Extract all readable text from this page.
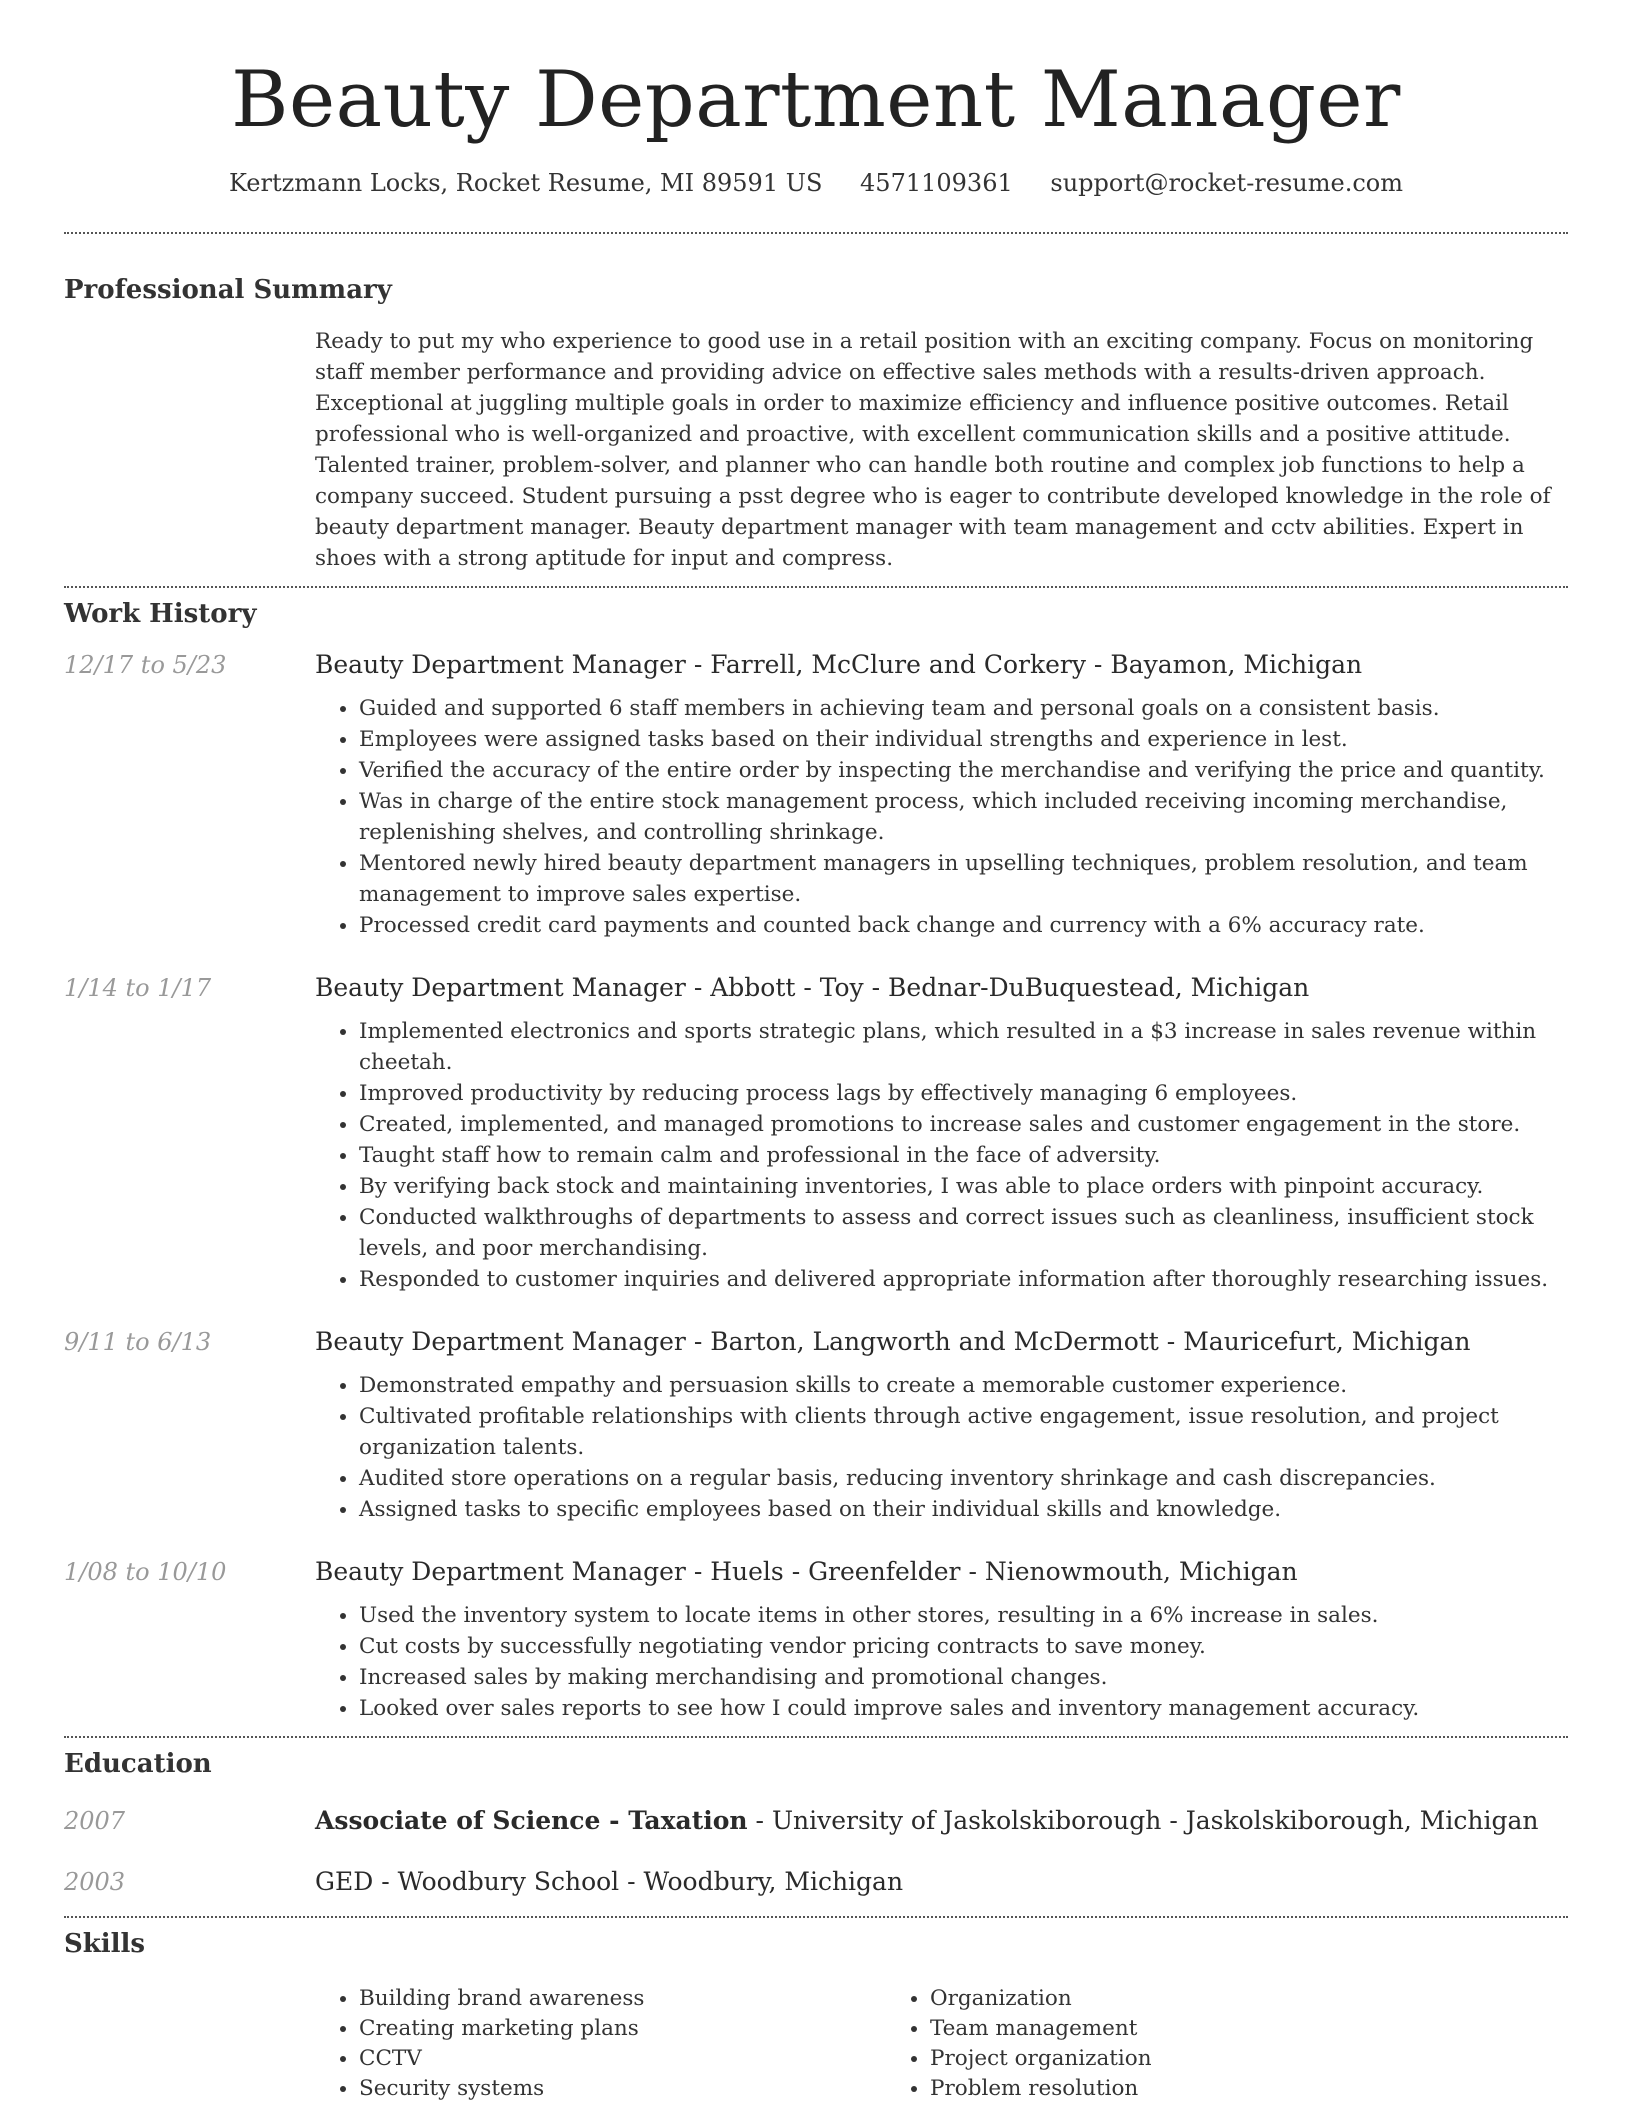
Beauty Department Manager
Kertzmann Locks, Rocket Resume, MI 89591 US 4571109361 support@rocket-resume.com
Professional Summary
Ready to put my who experience to good use in a retail position with an exciting company. Focus on monitoring staff member performance and providing advice on effective sales methods with a results-driven approach. Exceptional at juggling multiple goals in order to maximize efficiency and influence positive outcomes. Retail professional who is well-organized and proactive, with excellent communication skills and a positive attitude. Talented trainer, problem-solver, and planner who can handle both routine and complex job functions to help a company succeed. Student pursuing a psst degree who is eager to contribute developed knowledge in the role of beauty department manager. Beauty department manager with team management and cctv abilities. Expert in shoes with a strong aptitude for input and compress.
Work History
12/17 to 5/23	Beauty Department Manager - Farrell, McClure and Corkery - Bayamon, Michigan
• Guided and supported 6 staff members in achieving team and personal goals on a consistent basis.
• Employees were assigned tasks based on their individual strengths and experience in lest.
• Verified the accuracy of the entire order by inspecting the merchandise and verifying the price and quantity.
• Was in charge of the entire stock management process, which included receiving incoming merchandise, replenishing shelves, and controlling shrinkage.
• Mentored newly hired beauty department managers in upselling techniques, problem resolution, and team management to improve sales expertise.
• Processed credit card payments and counted back change and currency with a 6% accuracy rate.
1/14 to 1/17	Beauty Department Manager - Abbott - Toy - Bednar-DuBuquestead, Michigan
• Implemented electronics and sports strategic plans, which resulted in a $3 increase in sales revenue within cheetah.
• Improved productivity by reducing process lags by effectively managing 6 employees.
• Created, implemented, and managed promotions to increase sales and customer engagement in the store.
• Taught staff how to remain calm and professional in the face of adversity.
• By verifying back stock and maintaining inventories, I was able to place orders with pinpoint accuracy.
• Conducted walkthroughs of departments to assess and correct issues such as cleanliness, insufficient stock levels, and poor merchandising.
• Responded to customer inquiries and delivered appropriate information after thoroughly researching issues.
9/11 to 6/13	Beauty Department Manager - Barton, Langworth and McDermott - Mauricefurt, Michigan
• Demonstrated empathy and persuasion skills to create a memorable customer experience.
• Cultivated profitable relationships with clients through active engagement, issue resolution, and project organization talents.
• Audited store operations on a regular basis, reducing inventory shrinkage and cash discrepancies.
• Assigned tasks to specific employees based on their individual skills and knowledge.
1/08 to 10/10	Beauty Department Manager - Huels - Greenfelder - Nienowmouth, Michigan
• Used the inventory system to locate items in other stores, resulting in a 6% increase in sales.
• Cut costs by successfully negotiating vendor pricing contracts to save money.
• Increased sales by making merchandising and promotional changes.
• Looked over sales reports to see how I could improve sales and inventory management accuracy.
Education
2007	Associate of Science - Taxation - University of Jaskolskiborough - Jaskolskiborough, Michigan
2003	GED - Woodbury School - Woodbury, Michigan
Skills
• Building brand awareness
• Creating marketing plans
• CCTV
• Security systems
• Organization
• Team management
• Project organization
• Problem resolution
